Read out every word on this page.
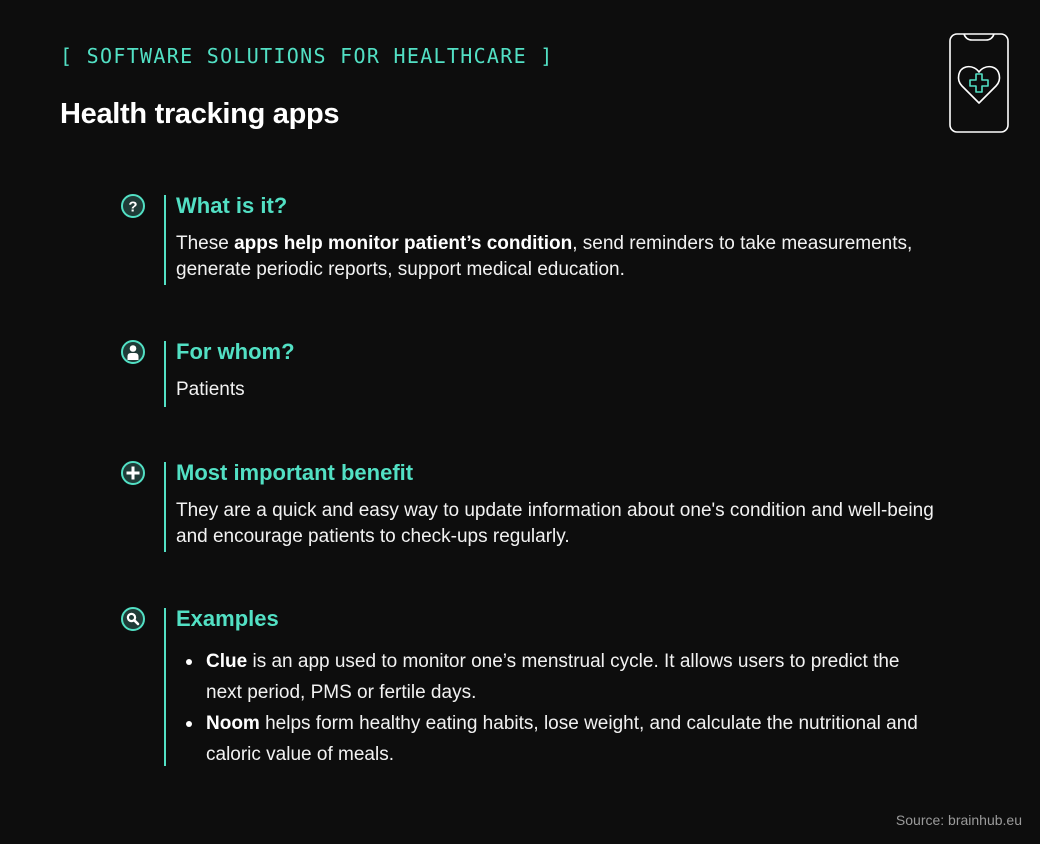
[ SOFTWARE SOLUTIONS FOR HEALTHCARE ]
Health tracking apps
? What is it?

These apps help monitor patient’s condition, send reminders to take measurements, generate periodic reports, support medical education.

For whom?

Patients

Most important benefit

They are a quick and easy way to update information about one's condition and well-being and encourage patients to check-ups regularly.

Examples
Clue is an app used to monitor one’s menstrual cycle. It allows users to predict the next period, PMS or fertile days.
Noom helps form healthy eating habits, lose weight, and calculate the nutritional and caloric value of meals.
Source: brainhub.eu
